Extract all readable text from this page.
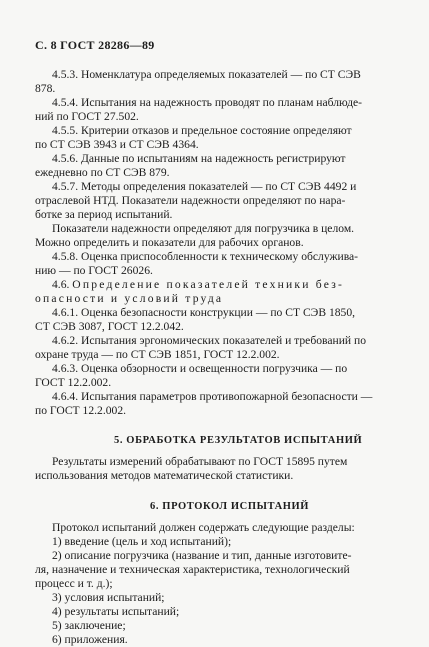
С. 8 ГОСТ 28286—89
4.5.3. Номенклатура определяемых показателей — по СТ СЭВ
878.
4.5.4. Испытания на надежность проводят по планам наблюде-
ний по ГОСТ 27.502.
4.5.5. Критерии отказов и предельное состояние определяют
по СТ СЭВ 3943 и СТ СЭВ 4364.
4.5.6. Данные по испытаниям на надежность регистрируют
ежедневно по СТ СЭВ 879.
4.5.7. Методы определения показателей — по СТ СЭВ 4492 и
отраслевой НТД. Показатели надежности определяют по нара-
ботке за период испытаний.
Показатели надежности определяют для погрузчика в целом.
Можно определить и показатели для рабочих органов.
4.5.8. Оценка приспособленности к техническому обслужива-
нию — по ГОСТ 26026.
4.6. Определение показателей техники без-
опасности и условий труда
4.6.1. Оценка безопасности конструкции — по СТ СЭВ 1850,
СТ СЭВ 3087, ГОСТ 12.2.042.
4.6.2. Испытания эргономических показателей и требований по
охране труда — по СТ СЭВ 1851, ГОСТ 12.2.002.
4.6.3. Оценка обзорности и освещенности погрузчика — по
ГОСТ 12.2.002.
4.6.4. Испытания параметров противопожарной безопасности —
по ГОСТ 12.2.002.
5. ОБРАБОТКА РЕЗУЛЬТАТОВ ИСПЫТАНИЙ
Результаты измерений обрабатывают по ГОСТ 15895 путем
использования методов математической статистики.
6. ПРОТОКОЛ ИСПЫТАНИЙ
Протокол испытаний должен содержать следующие разделы:
1) введение (цель и ход испытаний);
2) описание погрузчика (название и тип, данные изготовите-
ля, назначение и техническая характеристика, технологический
процесс и т. д.);
3) условия испытаний;
4) результаты испытаний;
5) заключение;
6) приложения.
